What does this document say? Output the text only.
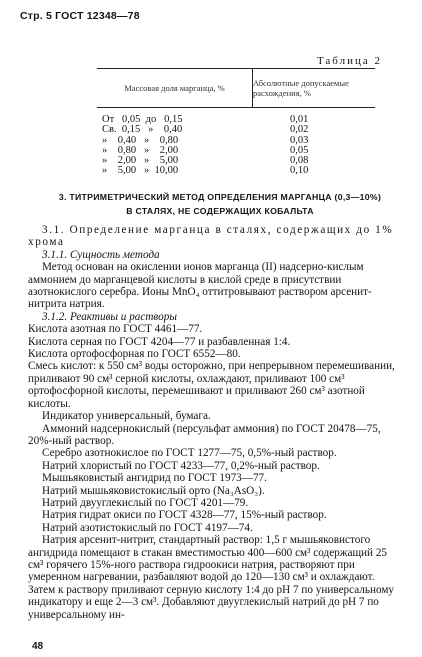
Стр. 5 ГОСТ 12348—78
Таблица 2
Массовая доля марганца, %	Абсолютные допускаемые расхождения, %
От   0,05  до   0,15	0,01
Св.  0,15   »    0,40	0,02
»    0,40   »    0,80	0,03
»    0,80   »    2,00	0,05
»    2,00   »    5,00	0,08
»    5,00   »  10,00	0,10
3. ТИТРИМЕТРИЧЕСКИЙ МЕТОД ОПРЕДЕЛЕНИЯ МАРГАНЦА (0,3—10%)
В СТАЛЯХ, НЕ СОДЕРЖАЩИХ КОБАЛЬТА

3.1. Определение марганца в сталях, содержащих до 1% хрома

3.1.1. Сущность метода

Метод основан на окислении ионов марганца (II) надсерно-кислым аммонием до марганцевой кислоты в кислой среде в присутствии азотнокислого серебра. Ионы MnO₄ оттитровывают раствором арсенит-нитрита натрия.

3.1.2. Реактивы и растворы

Кислота азотная по ГОСТ 4461—77.

Кислота серная по ГОСТ 4204—77 и разбавленная 1:4.

Кислота ортофосфорная по ГОСТ 6552—80.

Смесь кислот: к 550 см³ воды осторожно, при непрерывном перемешивании, приливают 90 см³ серной кислоты, охлаждают, приливают 100 см³ ортофосфорной кислоты, перемешивают и приливают 260 см³ азотной кислоты.

Индикатор универсальный, бумага.

Аммоний надсернокислый (персульфат аммония) по ГОСТ 20478—75, 20%-ный раствор.

Серебро азотнокислое по ГОСТ 1277—75, 0,5%-ный раствор.

Натрий хлористый по ГОСТ 4233—77, 0,2%-ный раствор.

Мышьяковистый ангидрид по ГОСТ 1973—77.

Натрий мышьяковистокислый орто (Na₃AsO₃).

Натрий двууглекислый по ГОСТ 4201—79.

Натрия гидрат окиси по ГОСТ 4328—77, 15%-ный раствор.

Натрий азотистокислый по ГОСТ 4197—74.

Натрия арсенит-нитрит, стандартный раствор: 1,5 г мышьяковистого ангидрида помещают в стакан вместимостью 400—600 см³ содержащий 25 см³ горячего 15%-ного раствора гидроокиси натрия, растворяют при умеренном нагревании, разбавляют водой до 120—130 см³ и охлаждают. Затем к раствору приливают серную кислоту 1:4 до рН 7 по универсальному индикатору и еще 2—3 см³. Добавляют двууглекислый натрий до рН 7 по универсальному ин-

48
